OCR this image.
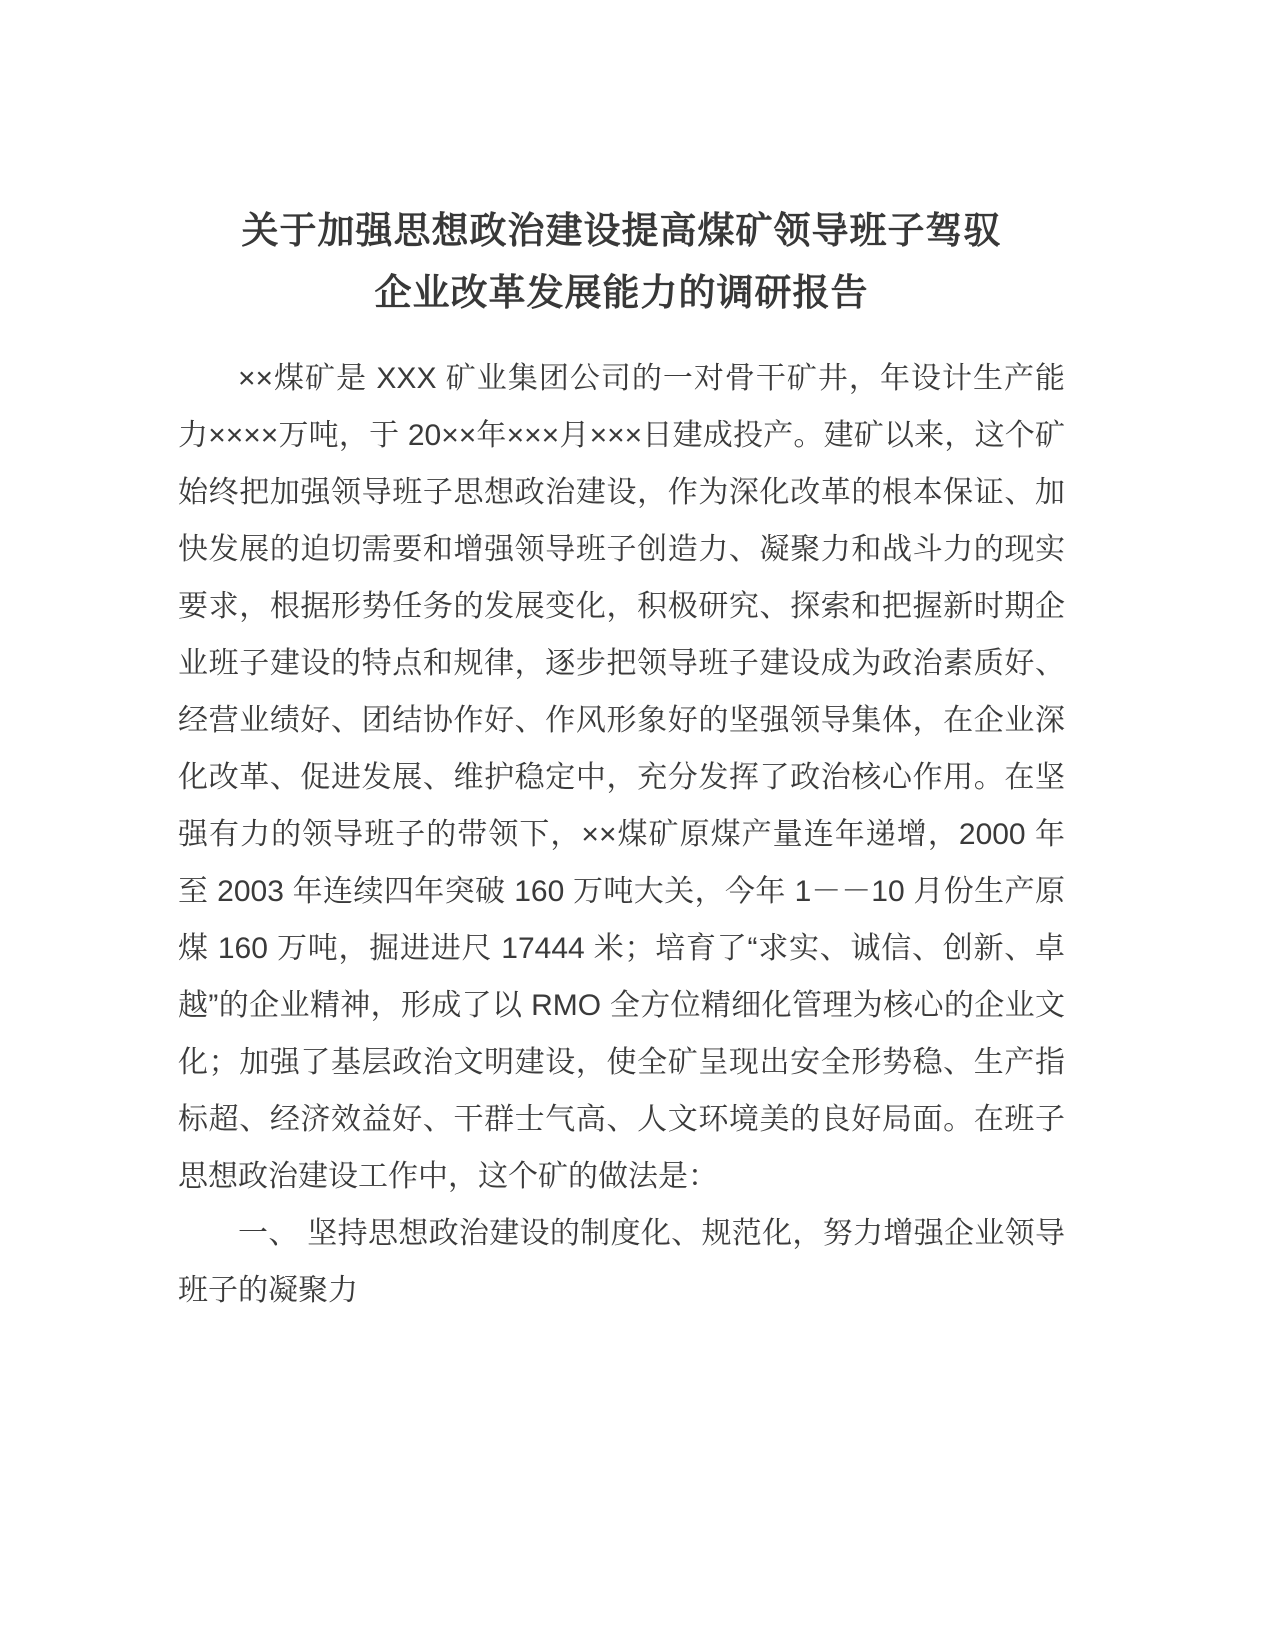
关于加强思想政治建设提高煤矿领导班子驾驭
企业改革发展能力的调研报告

××煤矿是 XXX 矿业集团公司的一对骨干矿井，年设计生产能力××××万吨，于 20××年×××月×××日建成投产。建矿以来，这个矿始终把加强领导班子思想政治建设，作为深化改革的根本保证、加快发展的迫切需要和增强领导班子创造力、凝聚力和战斗力的现实要求，根据形势任务的发展变化，积极研究、探索和把握新时期企业班子建设的特点和规律，逐步把领导班子建设成为政治素质好、经营业绩好、团结协作好、作风形象好的坚强领导集体，在企业深化改革、促进发展、维护稳定中，充分发挥了政治核心作用。在坚强有力的领导班子的带领下，××煤矿原煤产量连年递增，2000 年至 2003 年连续四年突破 160 万吨大关，今年 1－－10 月份生产原煤 160 万吨，掘进进尺 17444 米；培育了“求实、诚信、创新、卓越”的企业精神，形成了以 RMO 全方位精细化管理为核心的企业文化；加强了基层政治文明建设，使全矿呈现出安全形势稳、生产指标超、经济效益好、干群士气高、人文环境美的良好局面。在班子思想政治建设工作中，这个矿的做法是：

一、 坚持思想政治建设的制度化、规范化，努力增强企业领导班子的凝聚力
